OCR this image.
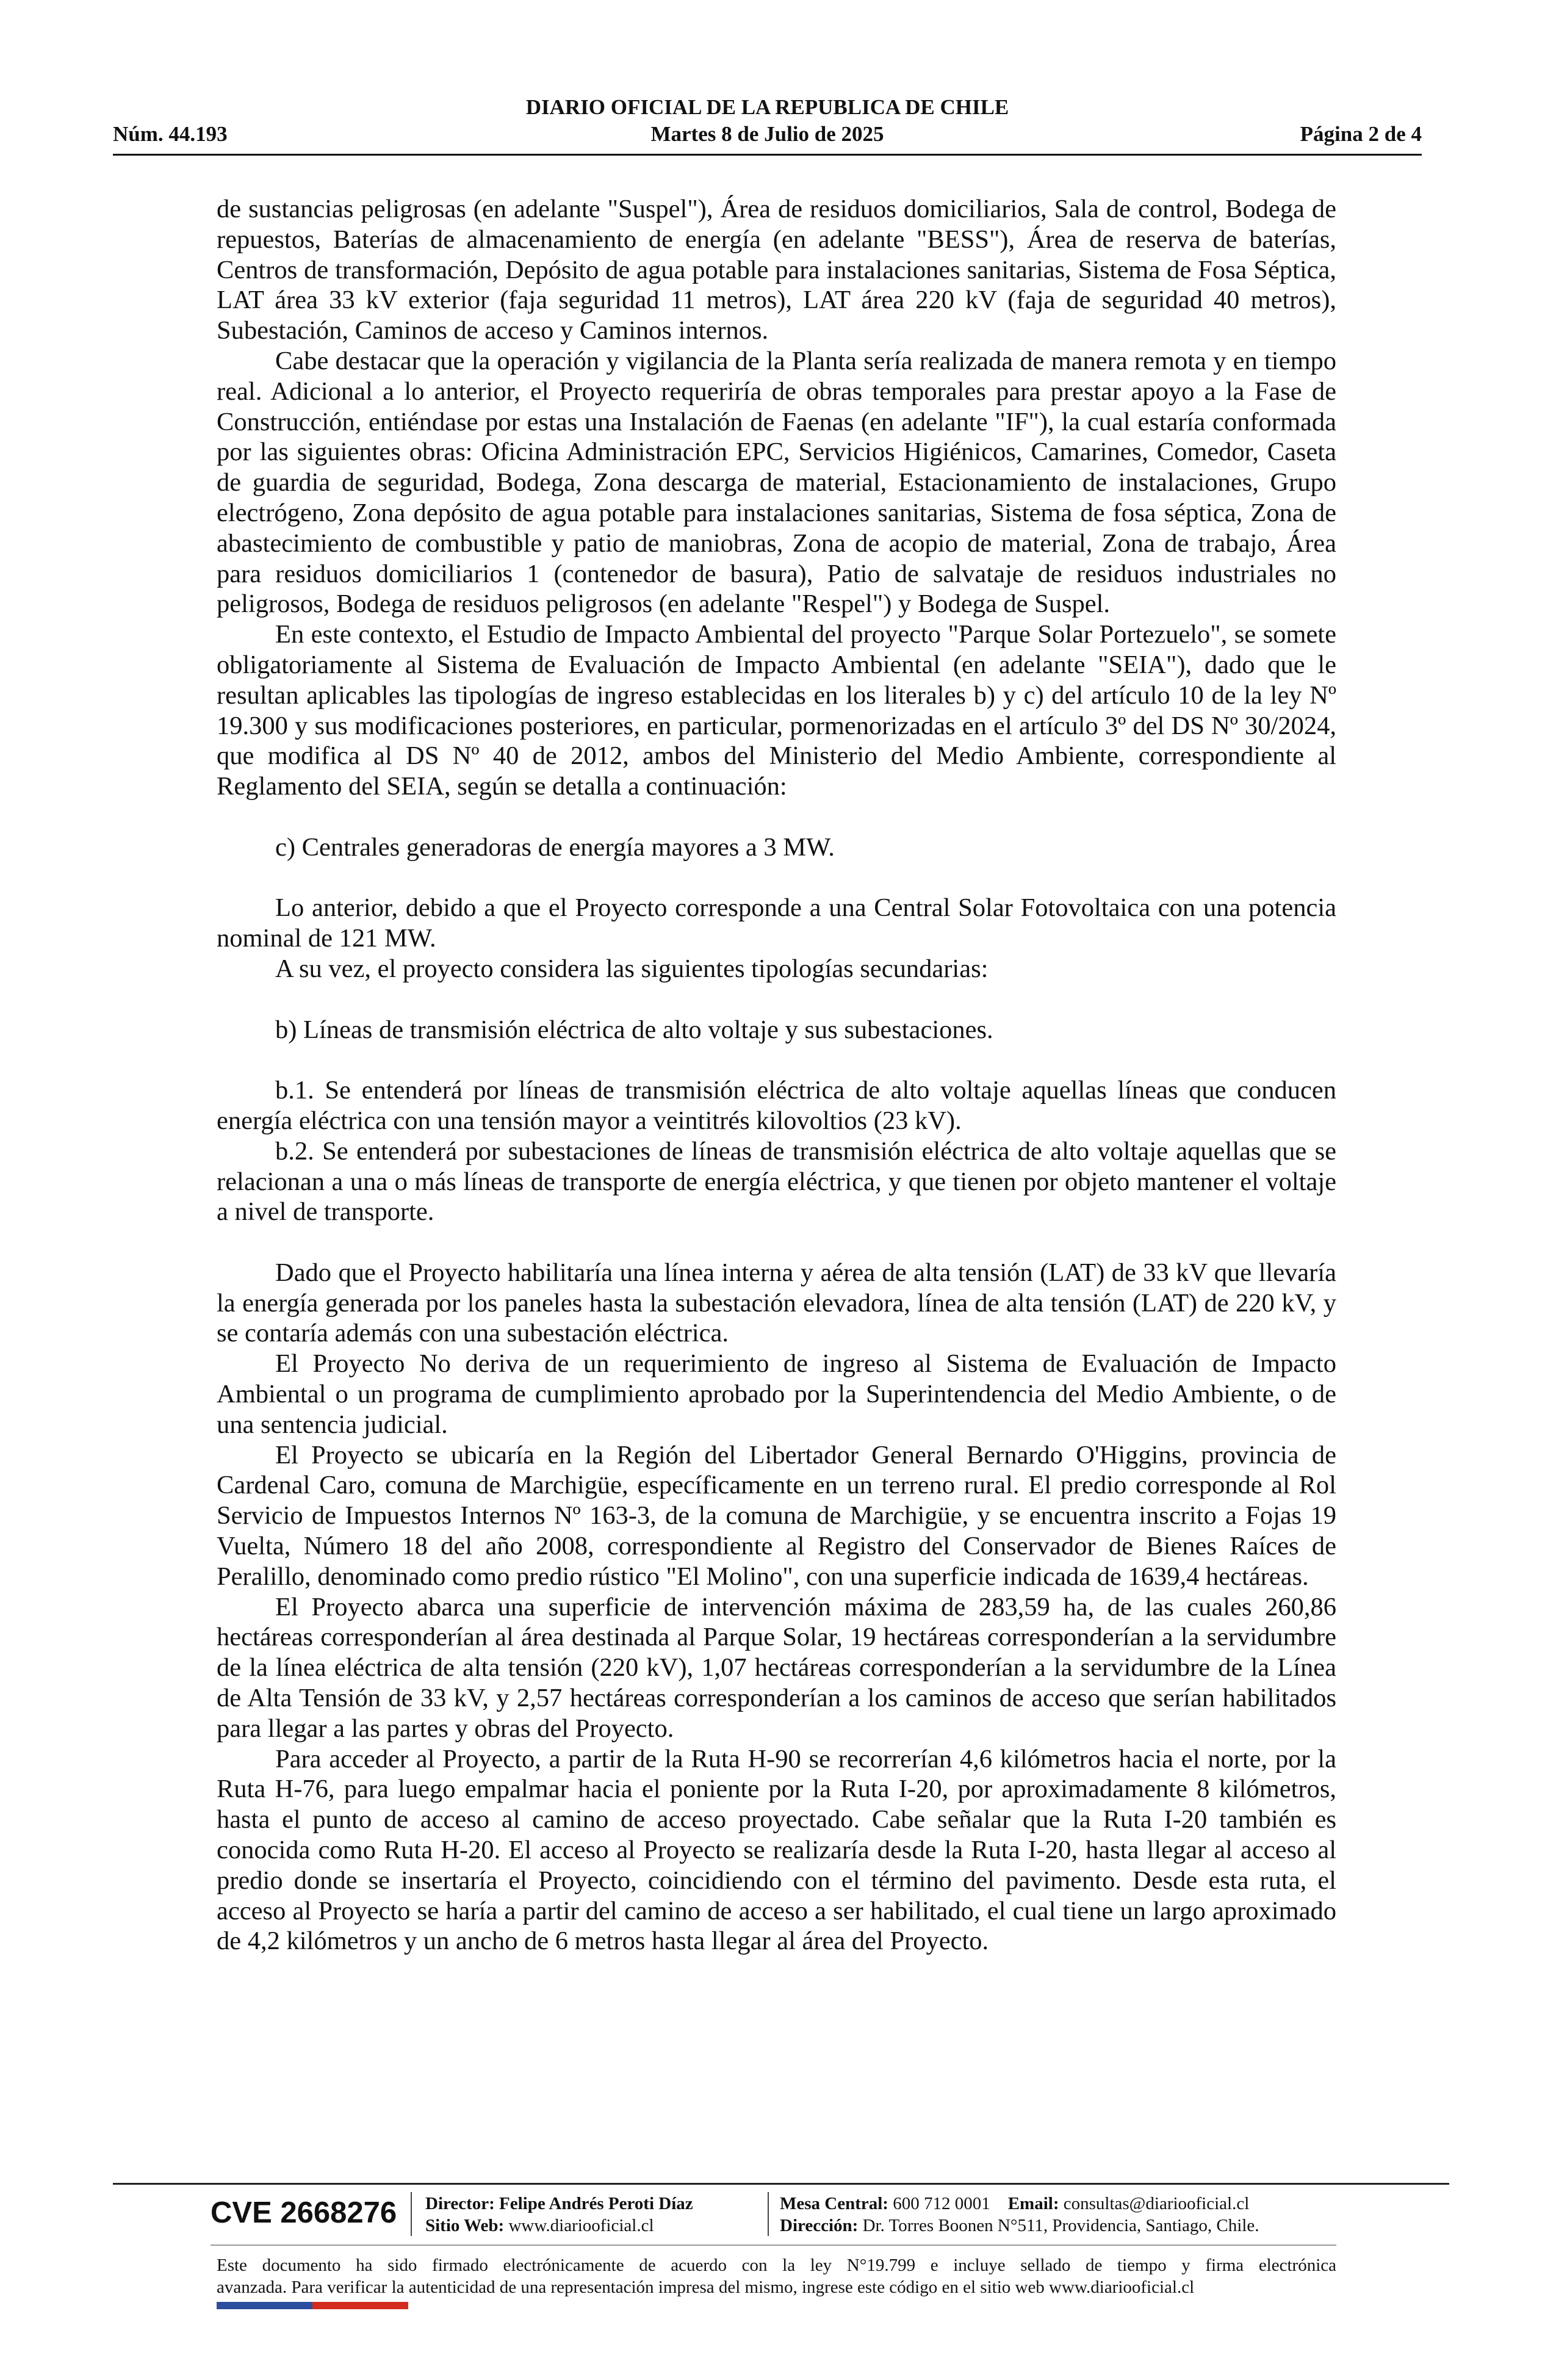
DIARIO OFICIAL DE LA REPUBLICA DE CHILE
Núm. 44.193	Martes 8 de Julio de 2025	Página 2 de 4

de sustancias peligrosas (en adelante "Suspel"), Área de residuos domiciliarios, Sala de control, Bodega de repuestos, Baterías de almacenamiento de energía (en adelante "BESS"), Área de reserva de baterías, Centros de transformación, Depósito de agua potable para instalaciones sanitarias, Sistema de Fosa Séptica, LAT área 33 kV exterior (faja seguridad 11 metros), LAT área 220 kV (faja de seguridad 40 metros), Subestación, Caminos de acceso y Caminos internos.

Cabe destacar que la operación y vigilancia de la Planta sería realizada de manera remota y en tiempo real. Adicional a lo anterior, el Proyecto requeriría de obras temporales para prestar apoyo a la Fase de Construcción, entiéndase por estas una Instalación de Faenas (en adelante "IF"), la cual estaría conformada por las siguientes obras: Oficina Administración EPC, Servicios Higiénicos, Camarines, Comedor, Caseta de guardia de seguridad, Bodega, Zona descarga de material, Estacionamiento de instalaciones, Grupo electrógeno, Zona depósito de agua potable para instalaciones sanitarias, Sistema de fosa séptica, Zona de abastecimiento de combustible y patio de maniobras, Zona de acopio de material, Zona de trabajo, Área para residuos domiciliarios 1 (contenedor de basura), Patio de salvataje de residuos industriales no peligrosos, Bodega de residuos peligrosos (en adelante "Respel") y Bodega de Suspel.

En este contexto, el Estudio de Impacto Ambiental del proyecto "Parque Solar Portezuelo", se somete obligatoriamente al Sistema de Evaluación de Impacto Ambiental (en adelante "SEIA"), dado que le resultan aplicables las tipologías de ingreso establecidas en los literales b) y c) del artículo 10 de la ley Nº 19.300 y sus modificaciones posteriores, en particular, pormenorizadas en el artículo 3º del DS Nº 30/2024, que modifica al DS Nº 40 de 2012, ambos del Ministerio del Medio Ambiente, correspondiente al Reglamento del SEIA, según se detalla a continuación:

c) Centrales generadoras de energía mayores a 3 MW.

Lo anterior, debido a que el Proyecto corresponde a una Central Solar Fotovoltaica con una potencia nominal de 121 MW.

A su vez, el proyecto considera las siguientes tipologías secundarias:

b) Líneas de transmisión eléctrica de alto voltaje y sus subestaciones.

b.1. Se entenderá por líneas de transmisión eléctrica de alto voltaje aquellas líneas que conducen energía eléctrica con una tensión mayor a veintitrés kilovoltios (23 kV).

b.2. Se entenderá por subestaciones de líneas de transmisión eléctrica de alto voltaje aquellas que se relacionan a una o más líneas de transporte de energía eléctrica, y que tienen por objeto mantener el voltaje a nivel de transporte.

Dado que el Proyecto habilitaría una línea interna y aérea de alta tensión (LAT) de 33 kV que llevaría la energía generada por los paneles hasta la subestación elevadora, línea de alta tensión (LAT) de 220 kV, y se contaría además con una subestación eléctrica.

El Proyecto No deriva de un requerimiento de ingreso al Sistema de Evaluación de Impacto Ambiental o un programa de cumplimiento aprobado por la Superintendencia del Medio Ambiente, o de una sentencia judicial.

El Proyecto se ubicaría en la Región del Libertador General Bernardo O'Higgins, provincia de Cardenal Caro, comuna de Marchigüe, específicamente en un terreno rural. El predio corresponde al Rol Servicio de Impuestos Internos Nº 163-3, de la comuna de Marchigüe, y se encuentra inscrito a Fojas 19 Vuelta, Número 18 del año 2008, correspondiente al Registro del Conservador de Bienes Raíces de Peralillo, denominado como predio rústico "El Molino", con una superficie indicada de 1639,4 hectáreas.

El Proyecto abarca una superficie de intervención máxima de 283,59 ha, de las cuales 260,86 hectáreas corresponderían al área destinada al Parque Solar, 19 hectáreas corresponderían a la servidumbre de la línea eléctrica de alta tensión (220 kV), 1,07 hectáreas corresponderían a la servidumbre de la Línea de Alta Tensión de 33 kV, y 2,57 hectáreas corresponderían a los caminos de acceso que serían habilitados para llegar a las partes y obras del Proyecto.

Para acceder al Proyecto, a partir de la Ruta H-90 se recorrerían 4,6 kilómetros hacia el norte, por la Ruta H-76, para luego empalmar hacia el poniente por la Ruta I-20, por aproximadamente 8 kilómetros, hasta el punto de acceso al camino de acceso proyectado. Cabe señalar que la Ruta I-20 también es conocida como Ruta H-20. El acceso al Proyecto se realizaría desde la Ruta I-20, hasta llegar al acceso al predio donde se insertaría el Proyecto, coincidiendo con el término del pavimento. Desde esta ruta, el acceso al Proyecto se haría a partir del camino de acceso a ser habilitado, el cual tiene un largo aproximado de 4,2 kilómetros y un ancho de 6 metros hasta llegar al área del Proyecto.

CVE 2668276 Director: Felipe Andrés Peroti Díaz
Sitio Web: www.diariooficial.cl
Mesa Central: 600 712 0001 Email: consultas@diariooficial.cl
Dirección: Dr. Torres Boonen N°511, Providencia, Santiago, Chile.
Este documento ha sido firmado electrónicamente de acuerdo con la ley N°19.799 e incluye sellado de tiempo y firma electrónica
avanzada. Para verificar la autenticidad de una representación impresa del mismo, ingrese este código en el sitio web www.diariooficial.cl
